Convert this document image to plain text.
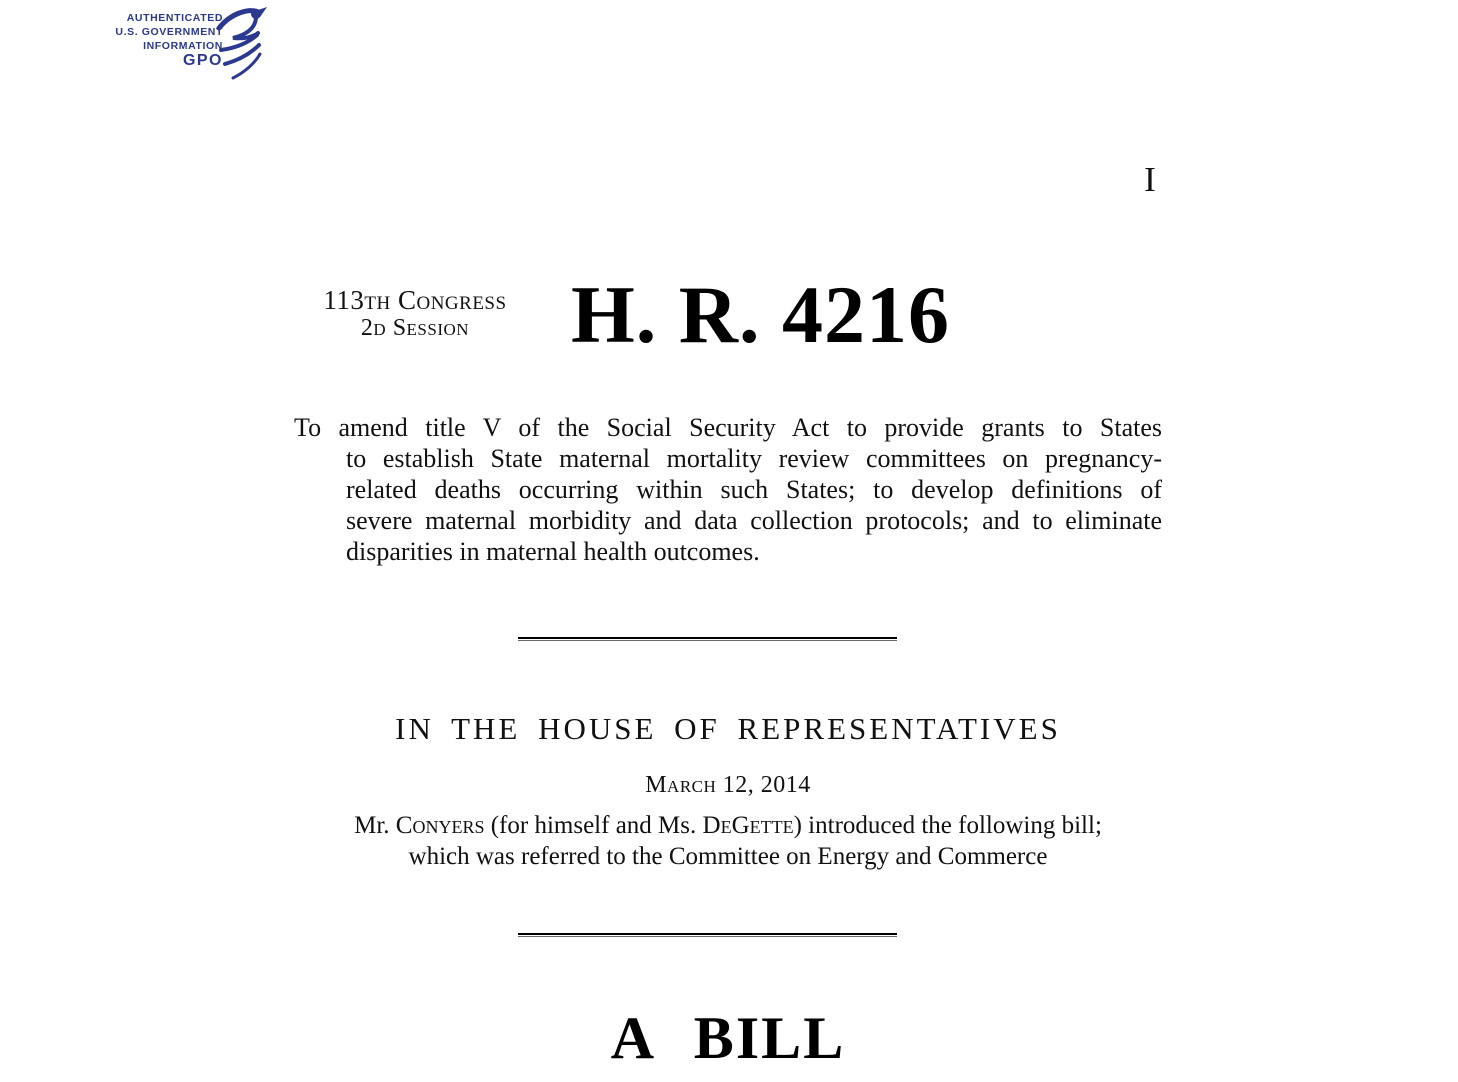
AUTHENTICATED
U.S. GOVERNMENT
INFORMATION
GPO
I
113th Congress
2d Session	H. R. 4216
To amend title V of the Social Security Act to provide grants to States
to establish State maternal mortality review committees on pregnancy-
related deaths occurring within such States; to develop definitions of
severe maternal morbidity and data collection protocols; and to eliminate
disparities in maternal health outcomes.
IN THE HOUSE OF REPRESENTATIVES
March 12, 2014
Mr. Conyers (for himself and Ms. DeGette) introduced the following bill;
which was referred to the Committee on Energy and Commerce
A BILL
